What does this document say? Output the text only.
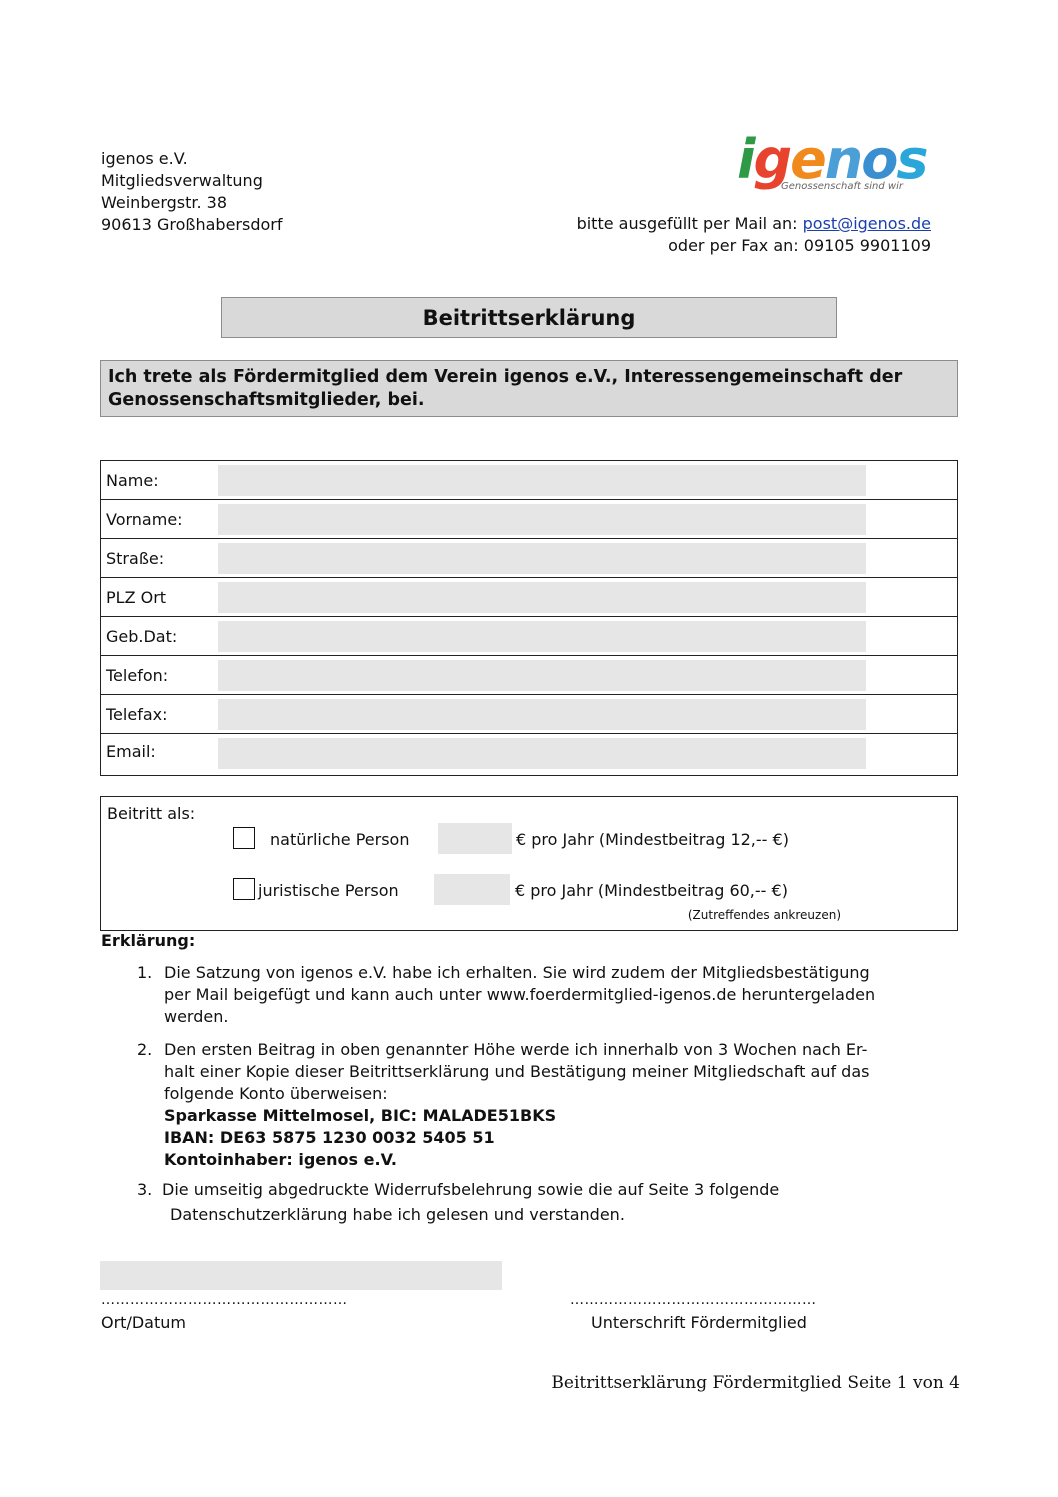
igenos e.V.
Mitgliedsverwaltung
Weinbergstr. 38
90613 Großhabersdorf
igenos
Genossenschaft sind wir
bitte ausgefüllt per Mail an: post@igenos.de
oder per Fax an: 09105 9901109
Beitrittserklärung
Ich trete als Fördermitglied dem Verein igenos e.V., Interessengemeinschaft der Genossenschaftsmitglieder, bei.
Name:
Vorname:
Straße:
PLZ Ort
Geb.Dat:
Telefon:
Telefax:
Email:
Beitritt als:
natürliche Person	€ pro Jahr (Mindestbeitrag 12,-- €)
juristische Person	€ pro Jahr (Mindestbeitrag 60,-- €)
(Zutreffendes ankreuzen)
Erklärung:
1. Die Satzung von igenos e.V. habe ich erhalten. Sie wird zudem der Mitgliedsbestätigung
per Mail beigefügt und kann auch unter www.foerdermitglied-igenos.de heruntergeladen
werden.
2. Den ersten Beitrag in oben genannter Höhe werde ich innerhalb von 3 Wochen nach Er-
halt einer Kopie dieser Beitrittserklärung und Bestätigung meiner Mitgliedschaft auf das
folgende Konto überweisen:
Sparkasse Mittelmosel, BIC: MALADE51BKS
IBAN: DE63 5875 1230 0032 5405 51
Kontoinhaber: igenos e.V.
3. Die umseitig abgedruckte Widerrufsbelehrung sowie die auf Seite 3 folgende
Datenschutzerklärung habe ich gelesen und verstanden.
……………………………………………	……………………………………………
Ort/Datum	Unterschrift Fördermitglied
Beitrittserklärung Fördermitglied Seite 1 von 4
